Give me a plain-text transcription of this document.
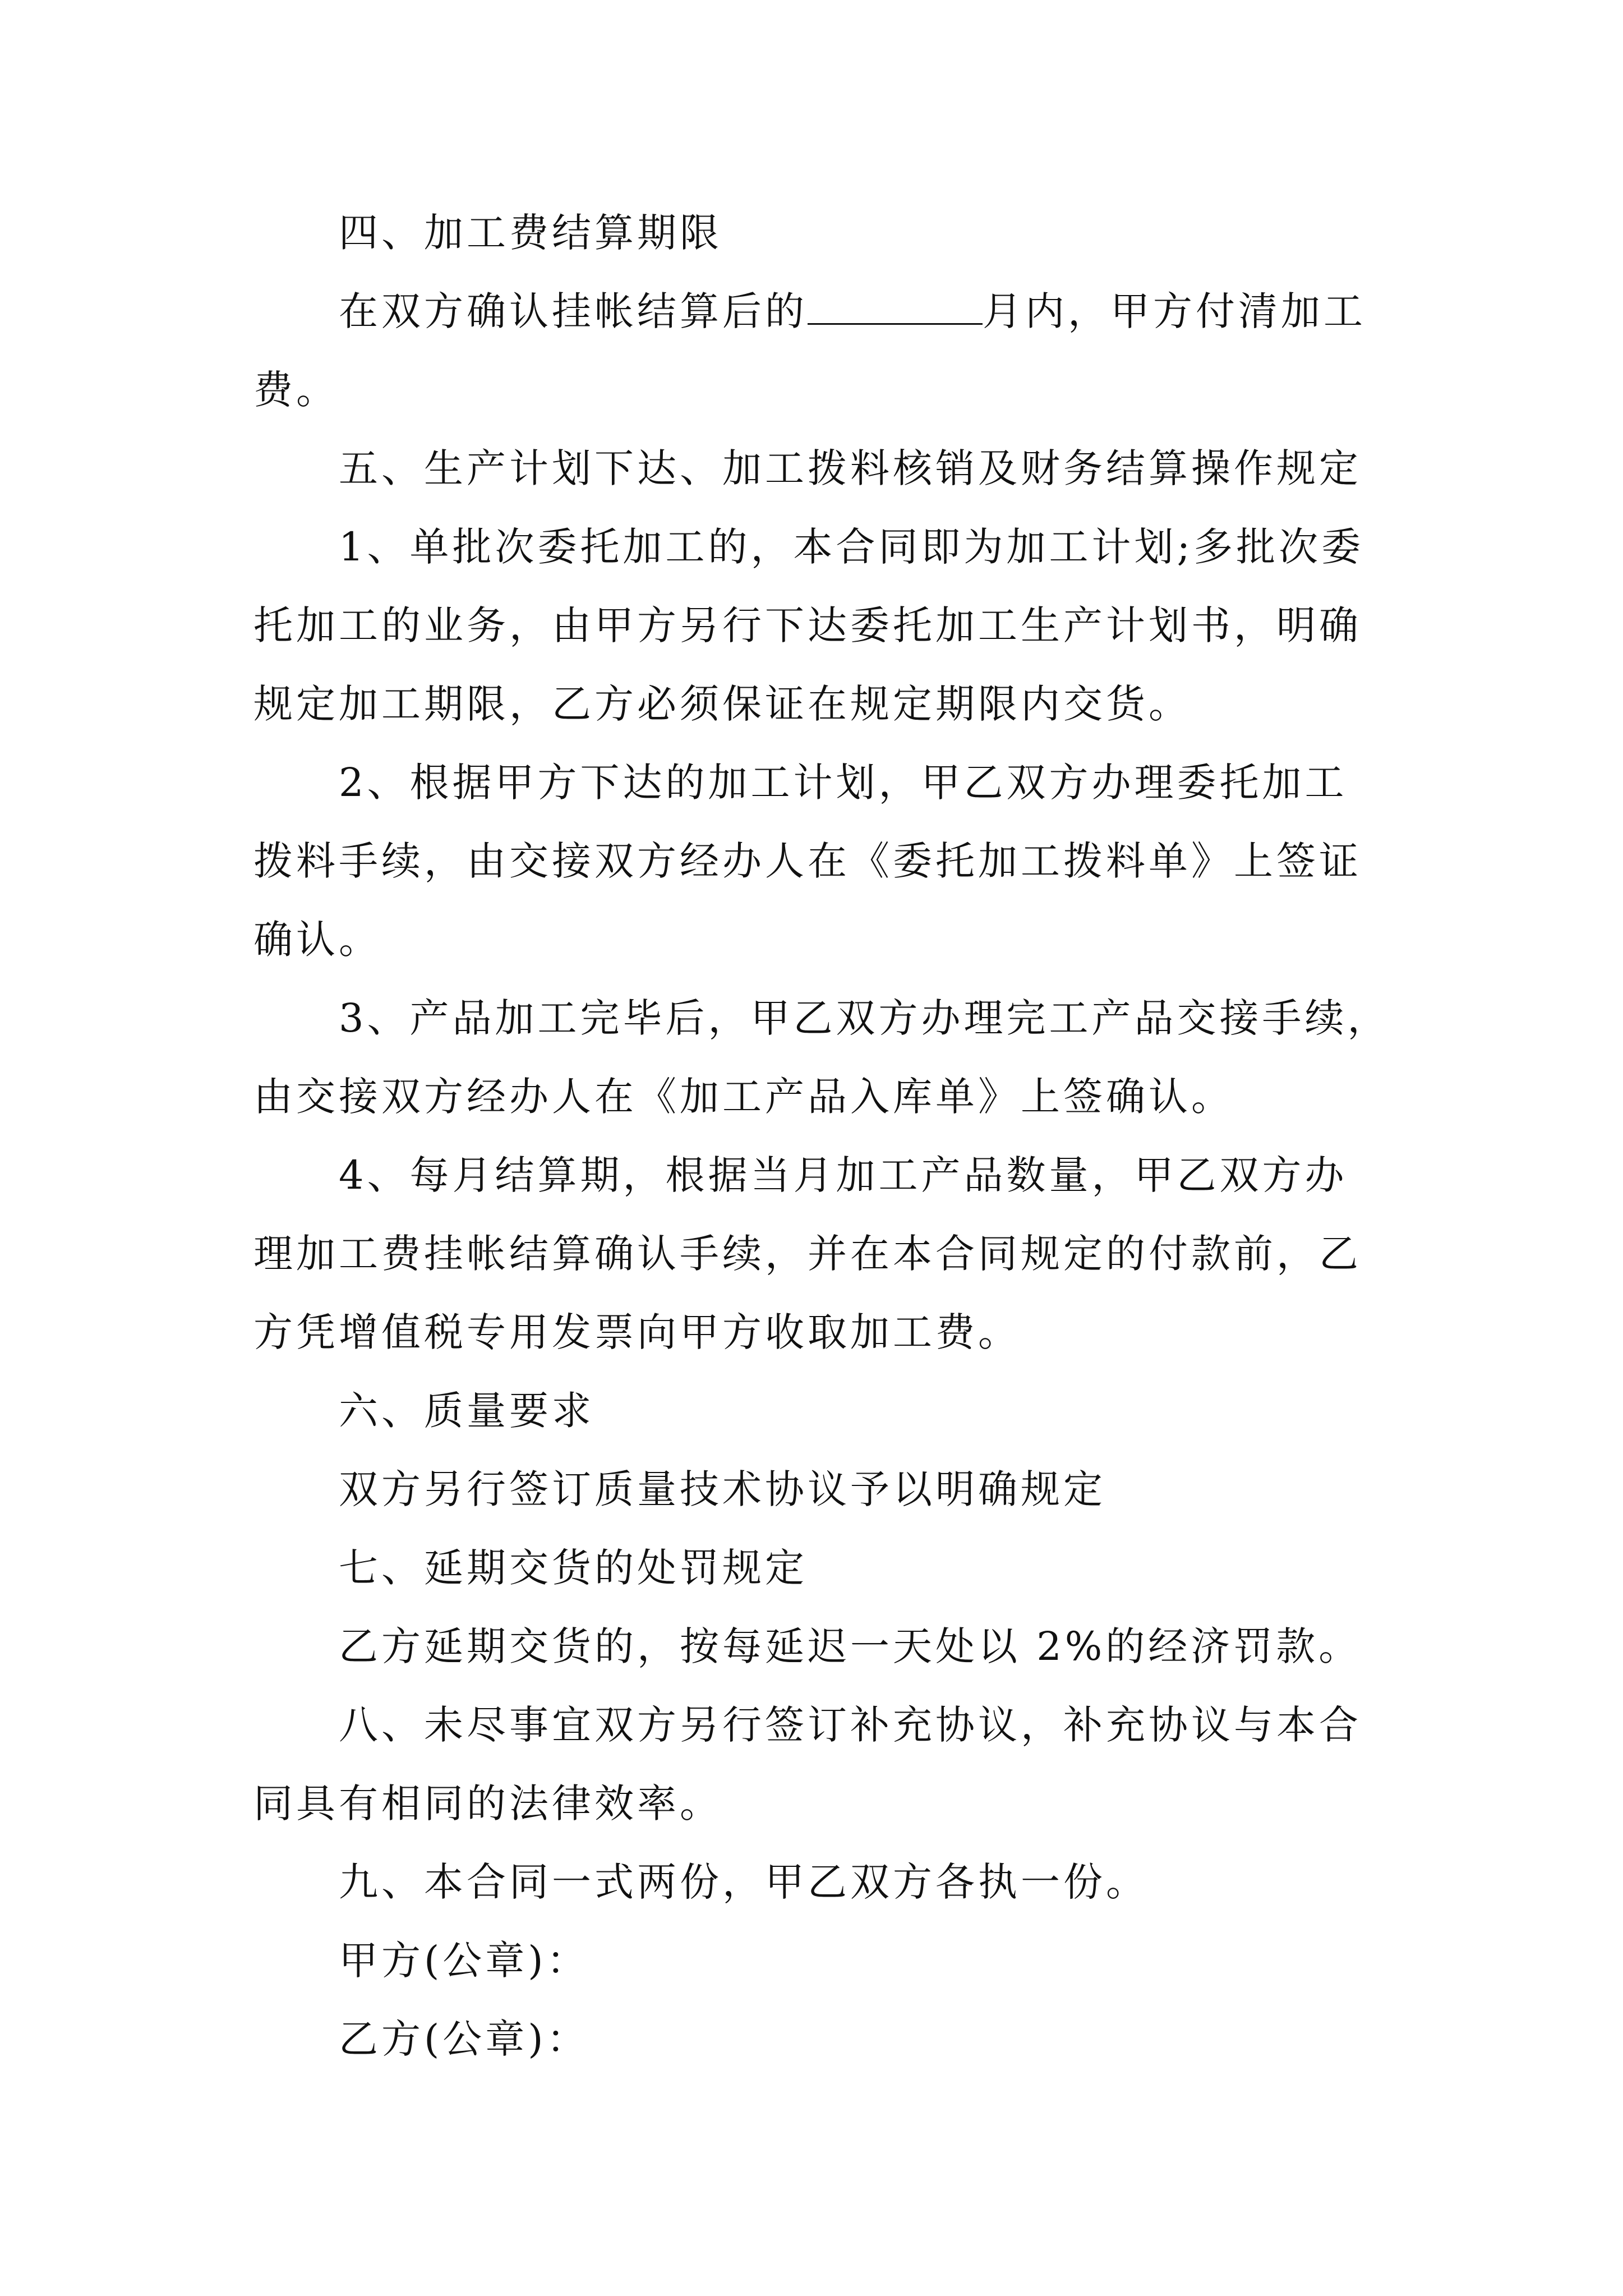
四、加工费结算期限
在双方确认挂帐结算后的	月内，甲方付清加工
费。
五、生产计划下达、加工拨料核销及财务结算操作规定
1、单批次委托加工的，本合同即为加工计划;多批次委
托加工的业务，由甲方另行下达委托加工生产计划书，明确
规定加工期限，乙方必须保证在规定期限内交货。
2、根据甲方下达的加工计划，甲乙双方办理委托加工
拨料手续，由交接双方经办人在《委托加工拨料单》上签证
确认。
3、产品加工完毕后，甲乙双方办理完工产品交接手续，
由交接双方经办人在《加工产品入库单》上签确认。
4、每月结算期，根据当月加工产品数量，甲乙双方办
理加工费挂帐结算确认手续，并在本合同规定的付款前，乙
方凭增值税专用发票向甲方收取加工费。
六、质量要求
双方另行签订质量技术协议予以明确规定
七、延期交货的处罚规定
乙方延期交货的，按每延迟一天处以 2%的经济罚款。
八、未尽事宜双方另行签订补充协议，补充协议与本合
同具有相同的法律效率。
九、本合同一式两份，甲乙双方各执一份。
甲方(公章)：
乙方(公章)：
